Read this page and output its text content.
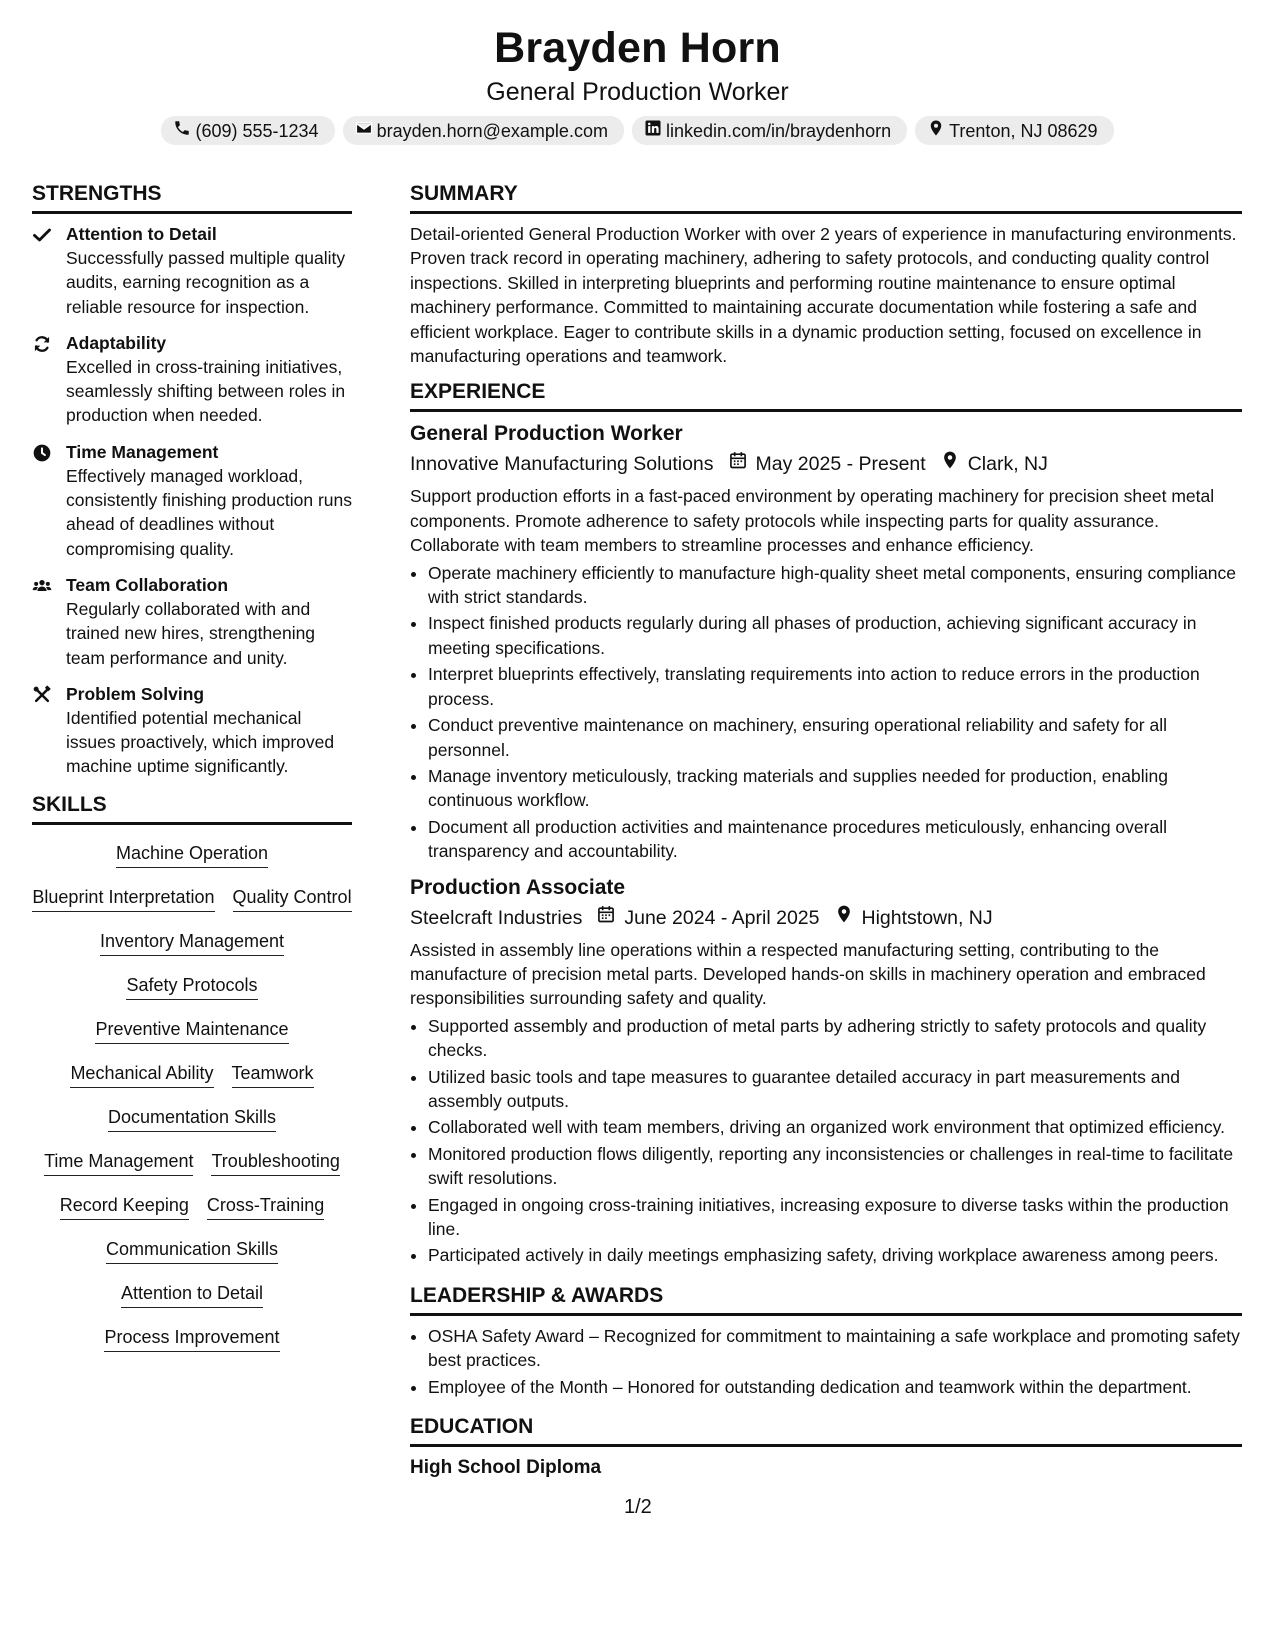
Brayden Horn
General Production Worker
(609) 555-1234	brayden.horn@example.com	linkedin.com/in/braydenhorn	Trenton, NJ 08629
STRENGTHS
Attention to Detail
Successfully passed multiple quality audits, earning recognition as a reliable resource for inspection.
Adaptability
Excelled in cross-training initiatives, seamlessly shifting between roles in production when needed.
Time Management
Effectively managed workload, consistently finishing production runs ahead of deadlines without compromising quality.
Team Collaboration
Regularly collaborated with and trained new hires, strengthening team performance and unity.
Problem Solving
Identified potential mechanical issues proactively, which improved machine uptime significantly.
SKILLS
Machine Operation
Blueprint Interpretation Quality Control
Inventory Management
Safety Protocols
Preventive Maintenance
Mechanical Ability Teamwork
Documentation Skills
Time Management Troubleshooting
Record Keeping Cross-Training
Communication Skills
Attention to Detail
Process Improvement
SUMMARY

Detail-oriented General Production Worker with over 2 years of experience in manufacturing environments. Proven track record in operating machinery, adhering to safety protocols, and conducting quality control inspections. Skilled in interpreting blueprints and performing routine maintenance to ensure optimal machinery performance. Committed to maintaining accurate documentation while fostering a safe and efficient workplace. Eager to contribute skills in a dynamic production setting, focused on excellence in manufacturing operations and teamwork.

EXPERIENCE
General Production Worker
Innovative Manufacturing Solutions May 2025 - Present Clark, NJ

Support production efforts in a fast-paced environment by operating machinery for precision sheet metal components. Promote adherence to safety protocols while inspecting parts for quality assurance. Collaborate with team members to streamline processes and enhance efficiency.

• Operate machinery efficiently to manufacture high-quality sheet metal components, ensuring compliance with strict standards.
• Inspect finished products regularly during all phases of production, achieving significant accuracy in meeting specifications.
• Interpret blueprints effectively, translating requirements into action to reduce errors in the production process.
• Conduct preventive maintenance on machinery, ensuring operational reliability and safety for all personnel.
• Manage inventory meticulously, tracking materials and supplies needed for production, enabling continuous workflow.
• Document all production activities and maintenance procedures meticulously, enhancing overall transparency and accountability.
Production Associate
Steelcraft Industries June 2024 - April 2025 Hightstown, NJ

Assisted in assembly line operations within a respected manufacturing setting, contributing to the manufacture of precision metal parts. Developed hands-on skills in machinery operation and embraced responsibilities surrounding safety and quality.

• Supported assembly and production of metal parts by adhering strictly to safety protocols and quality checks.
• Utilized basic tools and tape measures to guarantee detailed accuracy in part measurements and assembly outputs.
• Collaborated well with team members, driving an organized work environment that optimized efficiency.
• Monitored production flows diligently, reporting any inconsistencies or challenges in real-time to facilitate swift resolutions.
• Engaged in ongoing cross-training initiatives, increasing exposure to diverse tasks within the production line.
• Participated actively in daily meetings emphasizing safety, driving workplace awareness among peers.
LEADERSHIP & AWARDS
• OSHA Safety Award – Recognized for commitment to maintaining a safe workplace and promoting safety best practices.
• Employee of the Month – Honored for outstanding dedication and teamwork within the department.
EDUCATION
High School Diploma
1/2
